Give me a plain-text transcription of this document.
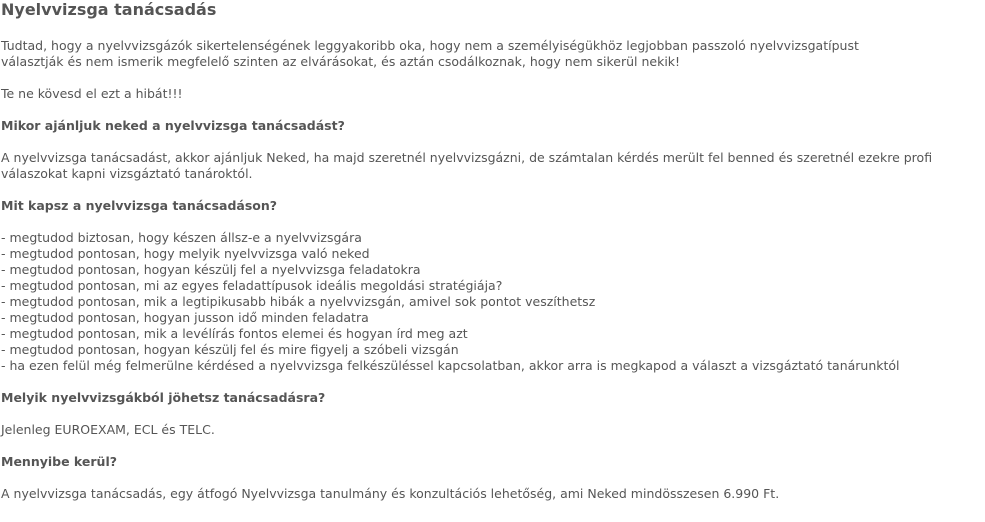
Nyelvvizsga tanácsadás

Tudtad, hogy a nyelvvizsgázók sikertelenségének leggyakoribb oka, hogy nem a személyiségükhöz legjobban passzoló nyelvvizsgatípust

választják és nem ismerik megfelelő szinten az elvárásokat, és aztán csodálkoznak, hogy nem sikerül nekik!

Te ne kövesd el ezt a hibát!!!

Mikor ajánljuk neked a nyelvvizsga tanácsadást?

A nyelvvizsga tanácsadást, akkor ajánljuk Neked, ha majd szeretnél nyelvvizsgázni, de számtalan kérdés merült fel benned és szeretnél ezekre profi

válaszokat kapni vizsgáztató tanároktól.

Mit kapsz a nyelvvizsga tanácsadáson?

- megtudod biztosan, hogy készen állsz-e a nyelvvizsgára
- megtudod pontosan, hogy melyik nyelvvizsga való neked
- megtudod pontosan, hogyan készülj fel a nyelvvizsga feladatokra
- megtudod pontosan, mi az egyes feladattípusok ideális megoldási stratégiája?
- megtudod pontosan, mik a legtipikusabb hibák a nyelvvizsgán, amivel sok pontot veszíthetsz
- megtudod pontosan, hogyan jusson idő minden feladatra
- megtudod pontosan, mik a levélírás fontos elemei és hogyan írd meg azt
- megtudod pontosan, hogyan készülj fel és mire figyelj a szóbeli vizsgán
- ha ezen felül még felmerülne kérdésed a nyelvvizsga felkészüléssel kapcsolatban, akkor arra is megkapod a választ a vizsgáztató tanárunktól

Melyik nyelvvizsgákból jöhetsz tanácsadásra?

Jelenleg EUROEXAM, ECL és TELC.

Mennyibe kerül?

A nyelvvizsga tanácsadás, egy átfogó Nyelvvizsga tanulmány és konzultációs lehetőség, ami Neked mindösszesen 6.990 Ft.
